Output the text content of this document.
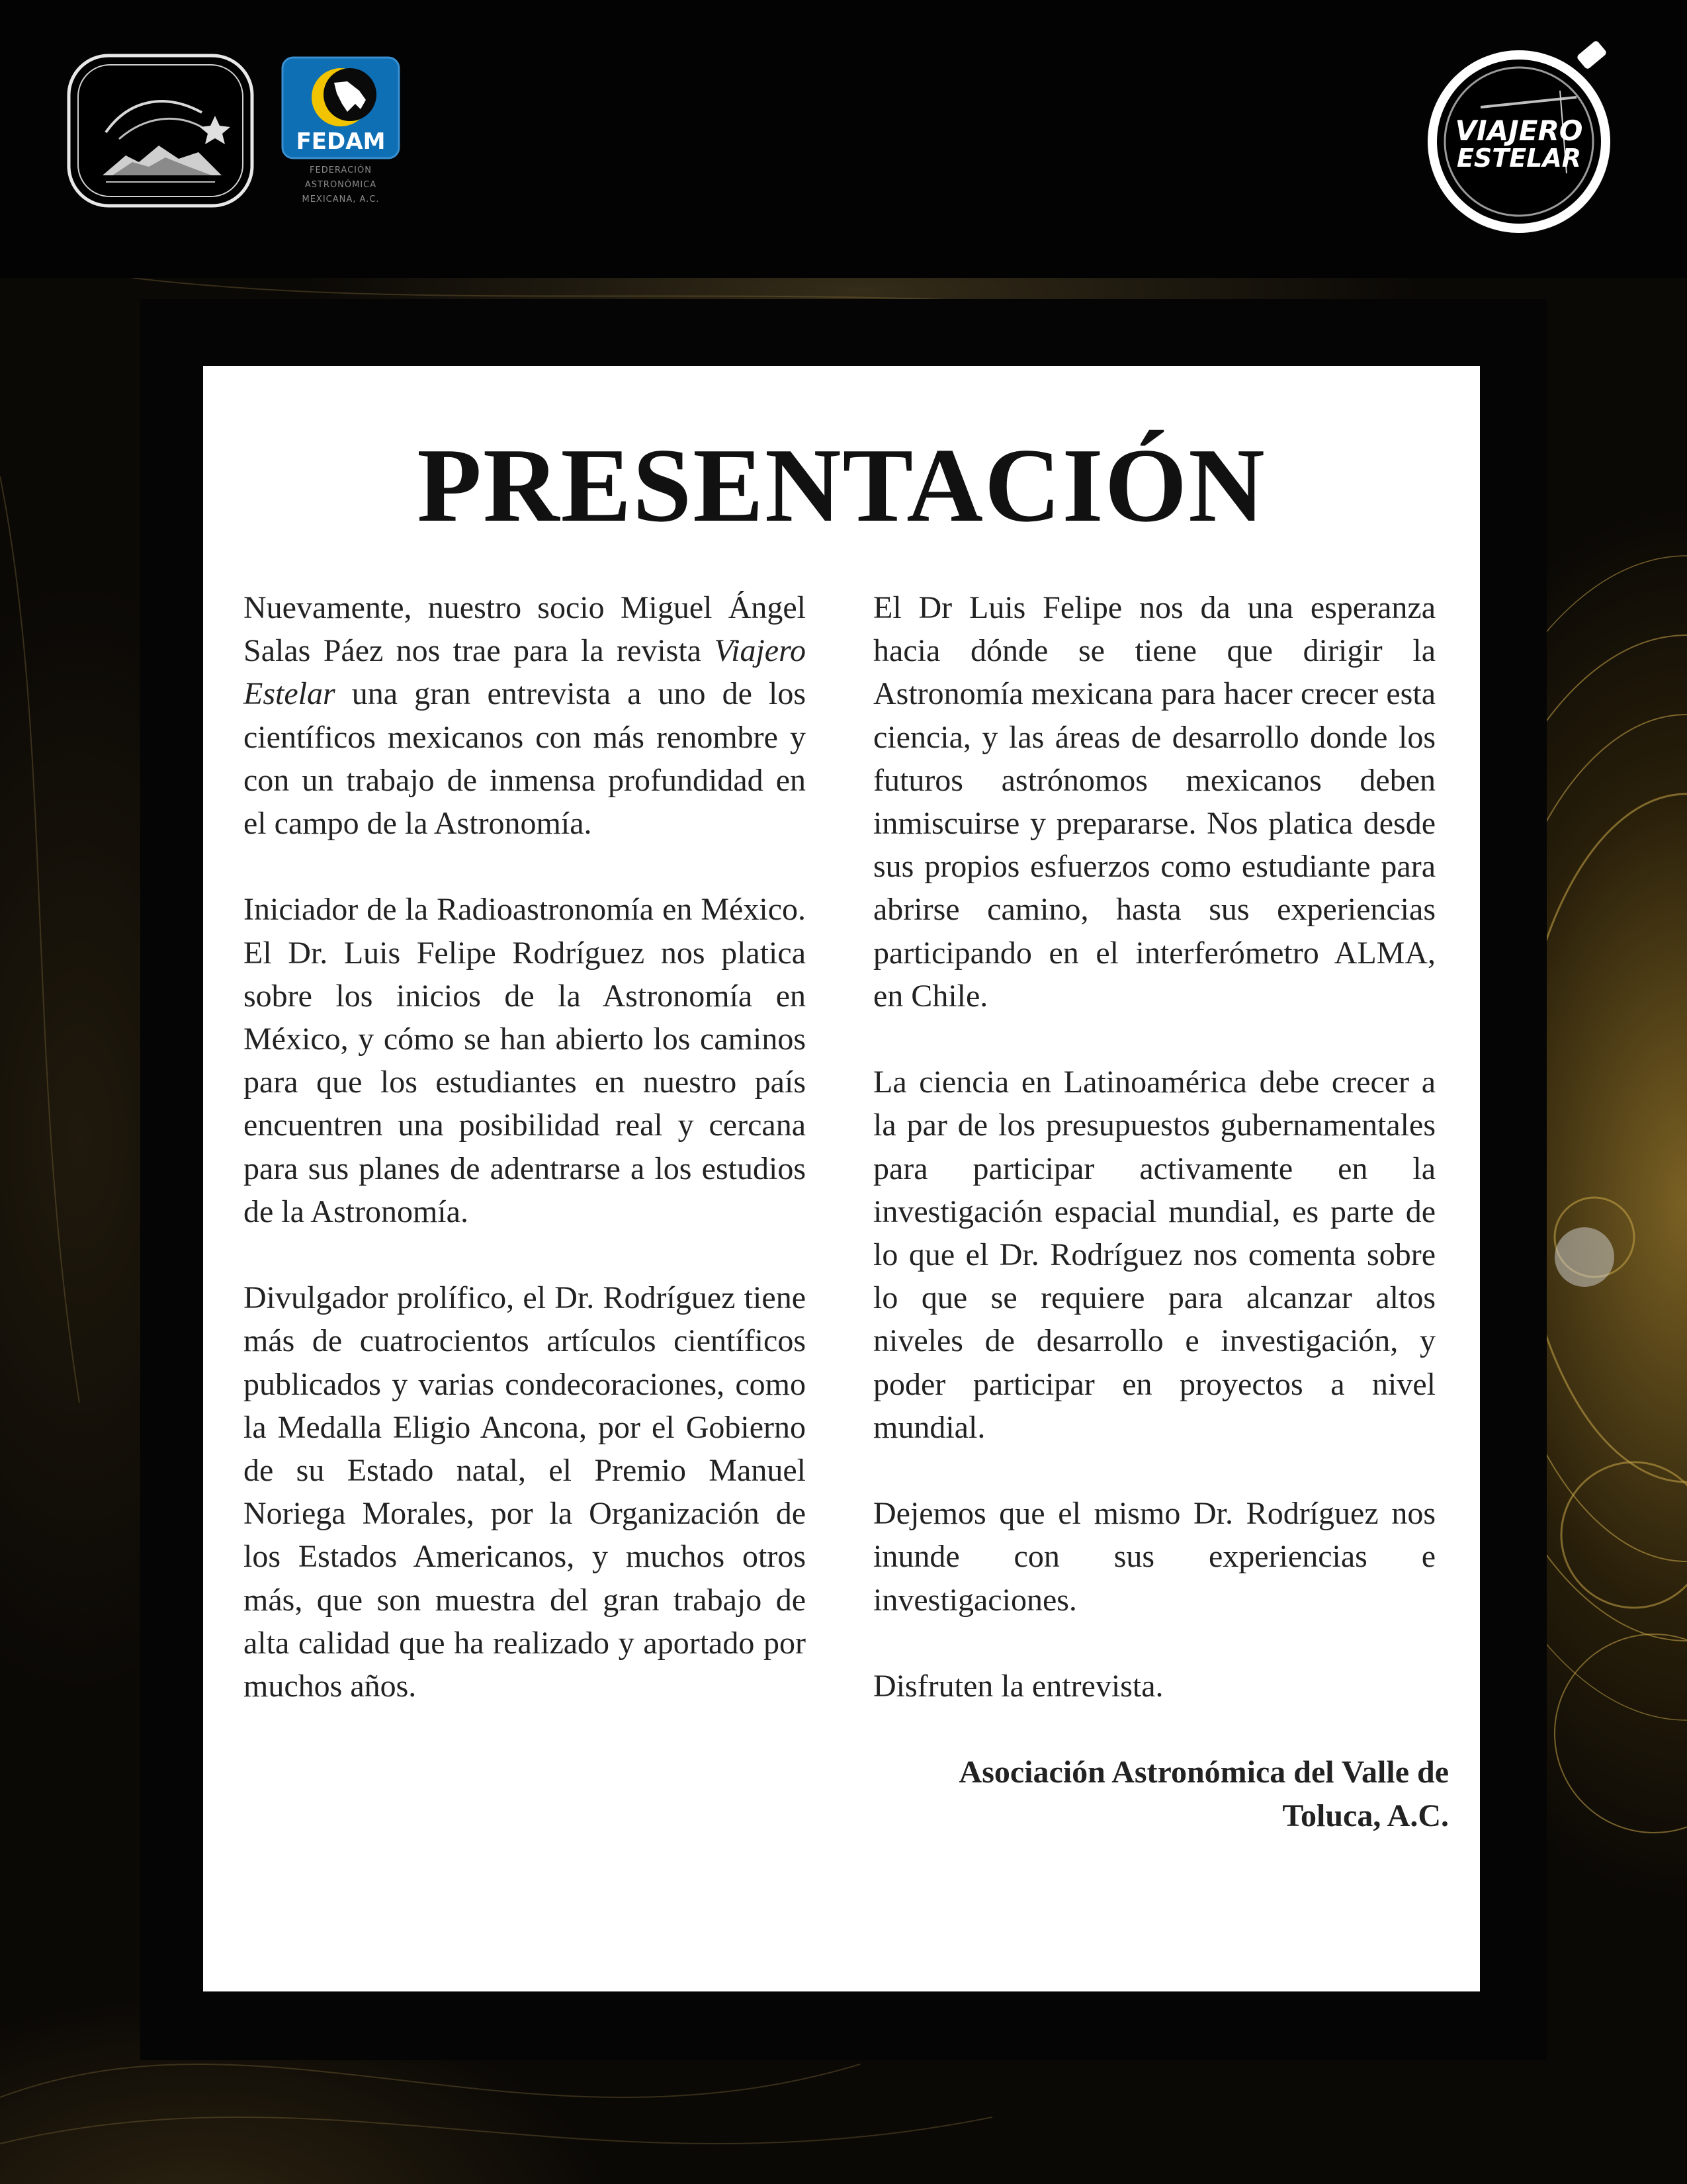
FEDAM
FEDERACIÓN
ASTRONÓMICA
MEXICANA, A.C.
VIAJERO
ESTELAR
PRESENTACIÓN

Nuevamente, nuestro socio Miguel Ángel Salas Páez nos trae para la revista Viajero Estelar una gran entrevista a uno de los científicos mexicanos con más renombre y con un trabajo de inmensa profundidad en el campo de la Astronomía.

Iniciador de la Radioastronomía en México. El Dr. Luis Felipe Rodríguez nos platica sobre los inicios de la Astronomía en México, y cómo se han abierto los caminos para que los estudiantes en nuestro país encuentren una posibilidad real y cercana para sus planes de adentrarse a los estudios de la Astronomía.

Divulgador prolífico, el Dr. Rodríguez tiene más de cuatrocientos artículos científicos publicados y varias condecoraciones, como la Medalla Eligio Ancona, por el Gobierno de su Estado natal, el Premio Manuel Noriega Morales, por la Organización de los Estados Americanos, y muchos otros más, que son muestra del gran trabajo de alta calidad que ha realizado y aportado por muchos años.

El Dr Luis Felipe nos da una esperanza hacia dónde se tiene que dirigir la Astronomía mexicana para hacer crecer esta ciencia, y las áreas de desarrollo donde los futuros astrónomos mexicanos deben inmiscuirse y prepararse. Nos platica desde sus propios esfuerzos como estudiante para abrirse camino, hasta sus experiencias participando en el interferómetro ALMA, en Chile.

La ciencia en Latinoamérica debe crecer a la par de los presupuestos gubernamentales para participar activamente en la investigación espacial mundial, es parte de lo que el Dr. Rodríguez nos comenta sobre lo que se requiere para alcanzar altos niveles de desarrollo e investigación, y poder participar en proyectos a nivel mundial.

Dejemos que el mismo Dr. Rodríguez nos inunde con sus experiencias e investigaciones.

Disfruten la entrevista.

Asociación Astronómica del Valle de
Toluca, A.C.
